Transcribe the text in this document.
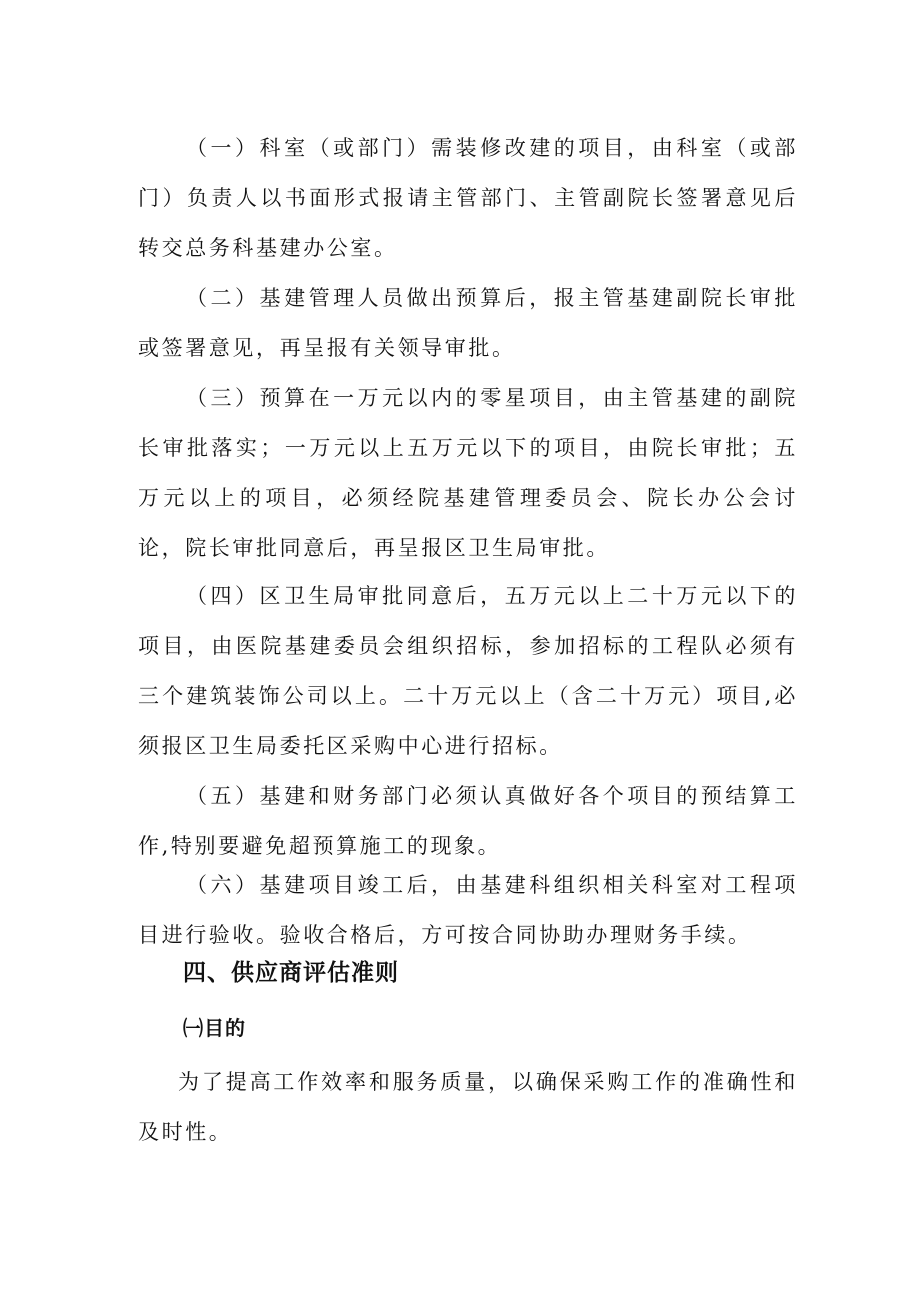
（一）科室（或部门）需装修改建的项目，由科室（或部门）负责人以书面形式报请主管部门、主管副院长签署意见后转交总务科基建办公室。

（二）基建管理人员做出预算后，报主管基建副院长审批或签署意见，再呈报有关领导审批。

（三）预算在一万元以内的零星项目，由主管基建的副院长审批落实；一万元以上五万元以下的项目，由院长审批；五万元以上的项目，必须经院基建管理委员会、院长办公会讨论，院长审批同意后，再呈报区卫生局审批。

（四）区卫生局审批同意后，五万元以上二十万元以下的项目，由医院基建委员会组织招标，参加招标的工程队必须有三个建筑装饰公司以上。二十万元以上（含二十万元）项目,必须报区卫生局委托区采购中心进行招标。

（五）基建和财务部门必须认真做好各个项目的预结算工作,特别要避免超预算施工的现象。

（六）基建项目竣工后，由基建科组织相关科室对工程项目进行验收。验收合格后，方可按合同协助办理财务手续。

四、供应商评估准则
㈠目的

为了提高工作效率和服务质量，以确保采购工作的准确性和及时性。
